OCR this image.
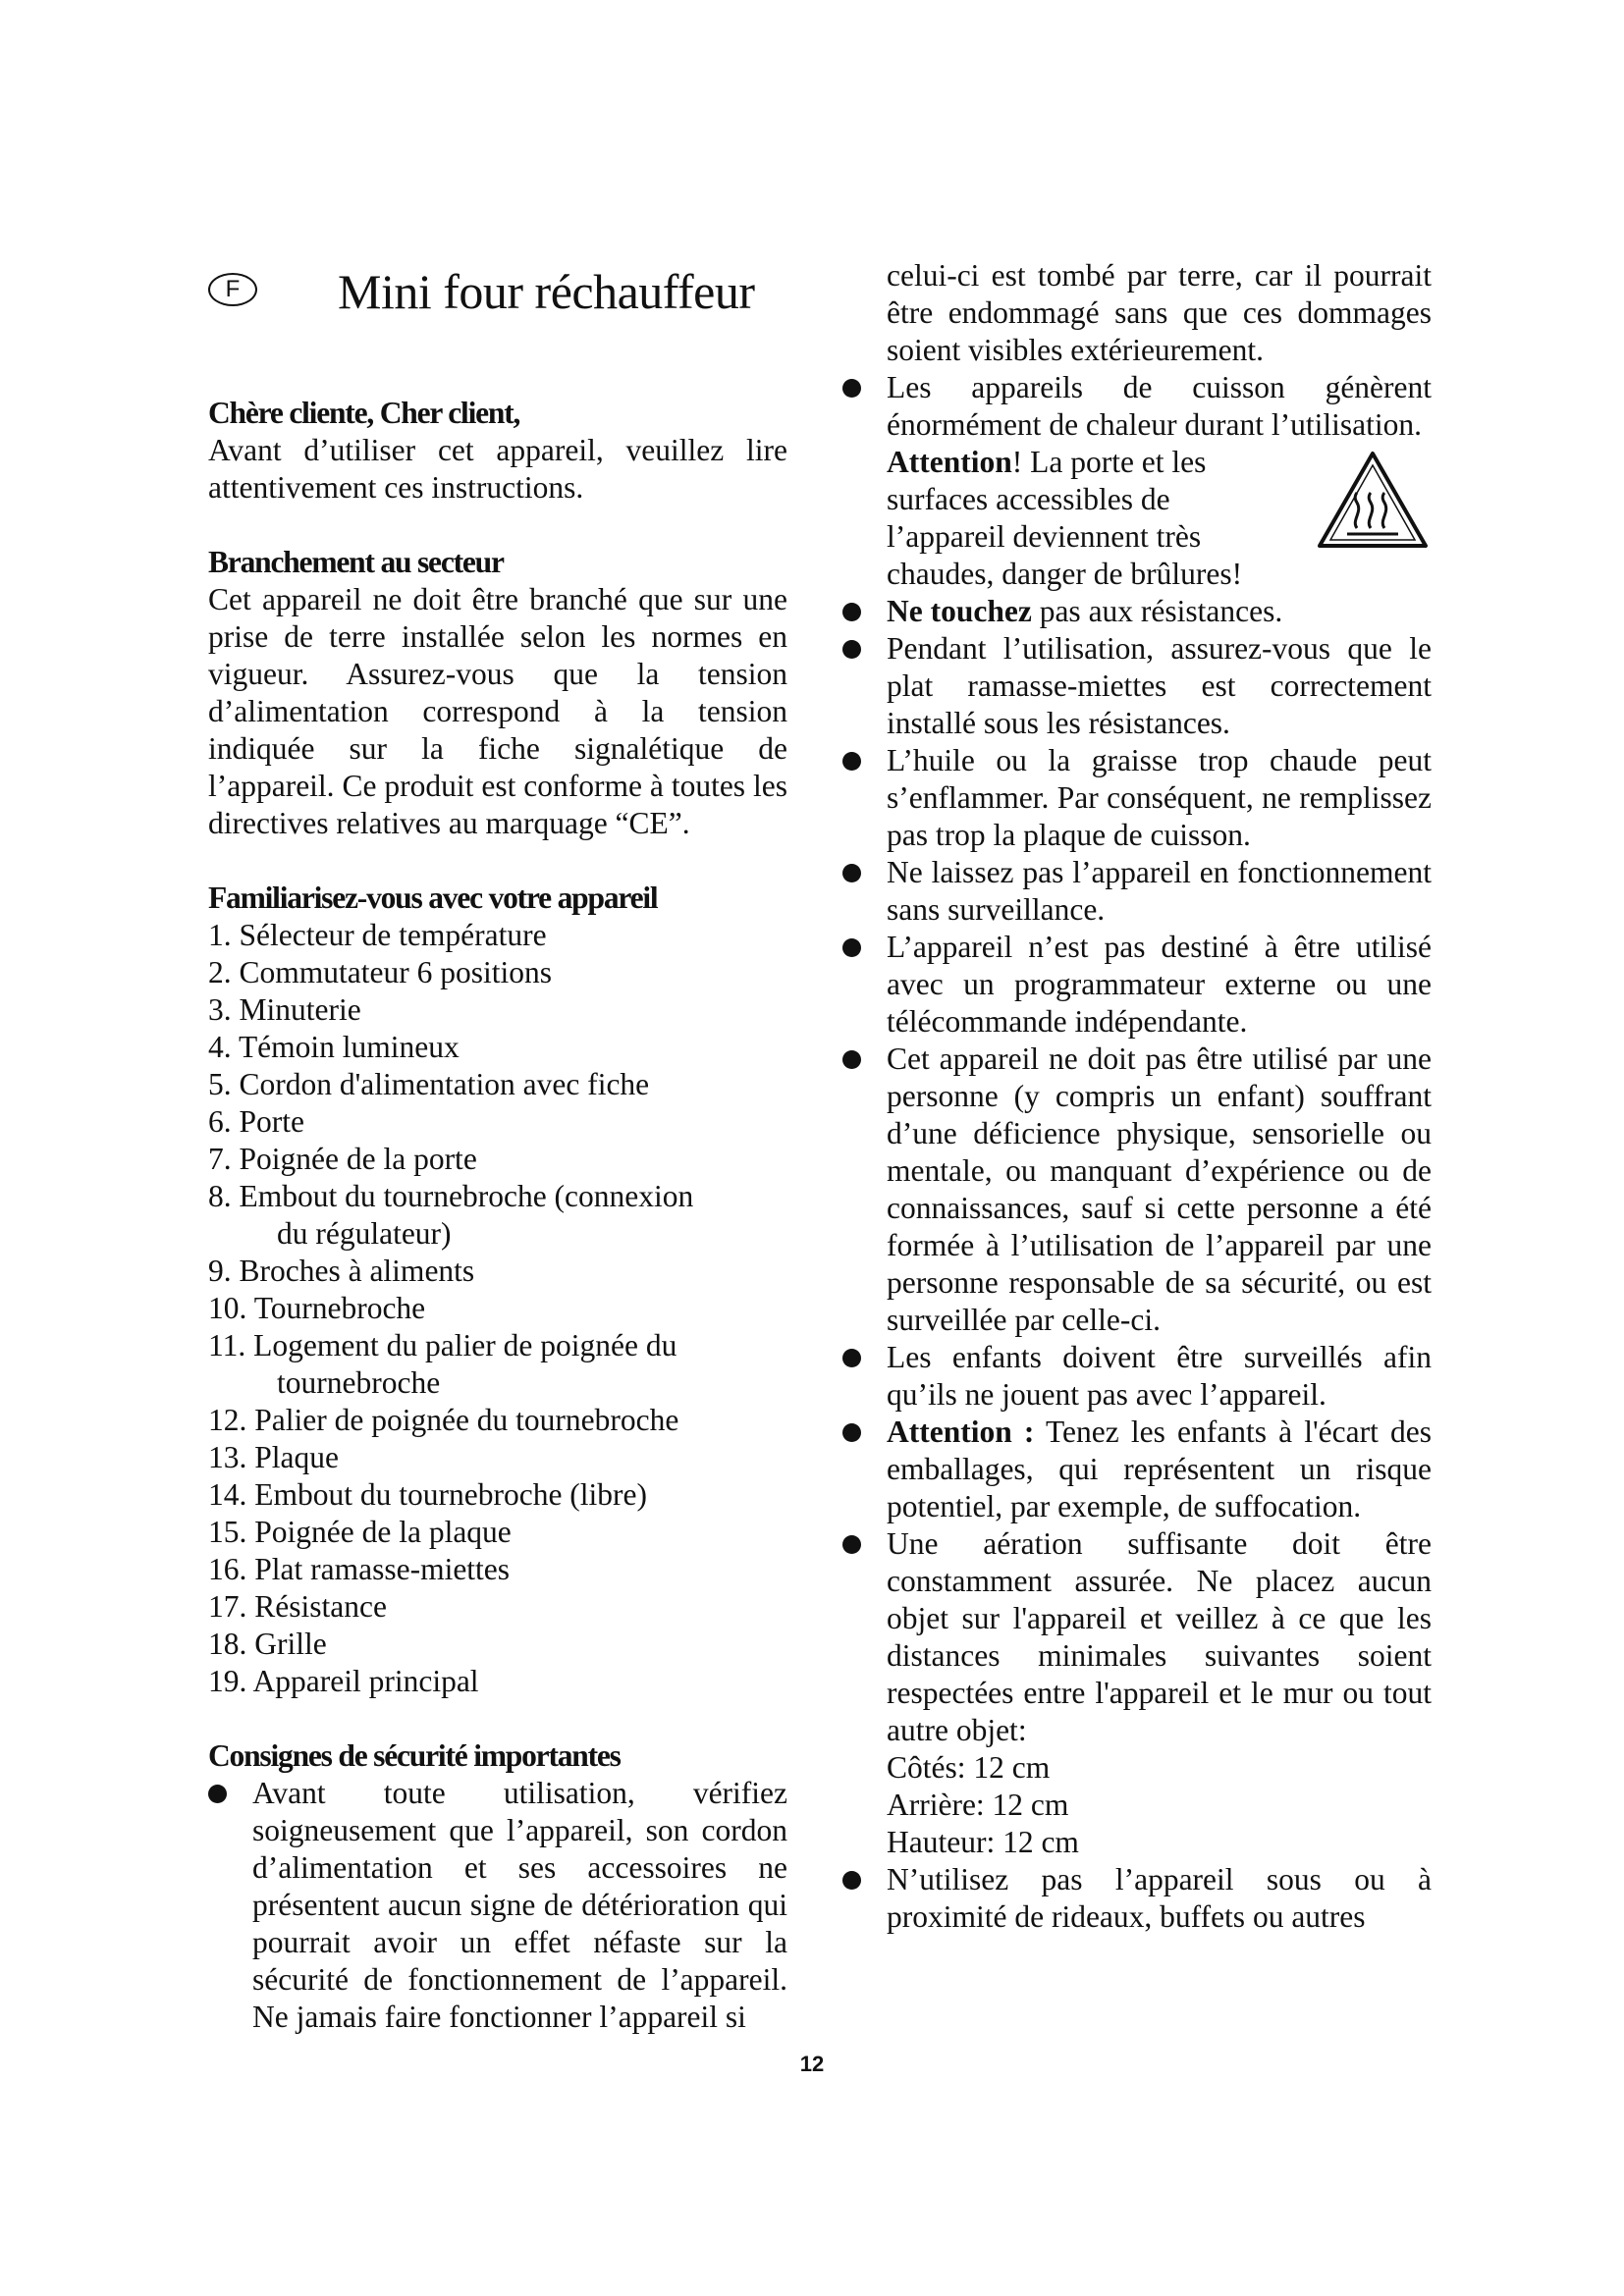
F	Mini four réchauffeur
Chère cliente, Cher client,

Avant d’utiliser cet appareil, veuillez lire attentivement ces instructions.

Branchement au secteur

Cet appareil ne doit être branché que sur une prise de terre installée selon les normes en vigueur. Assurez-vous que la tension d’alimentation correspond à la tension indiquée sur la fiche signalétique de l’appareil. Ce produit est conforme à toutes les directives relatives au marquage “CE”.

Familiarisez-vous avec votre appareil
1. Sélecteur de température
2. Commutateur 6 positions
3. Minuterie
4. Témoin lumineux
5. Cordon d'alimentation avec fiche
6. Porte
7. Poignée de la porte
8. Embout du tournebroche (connexion
du régulateur)
9. Broches à aliments
10. Tournebroche
11. Logement du palier de poignée du
tournebroche
12. Palier de poignée du tournebroche
13. Plaque
14. Embout du tournebroche (libre)
15. Poignée de la plaque
16. Plat ramasse-miettes
17. Résistance
18. Grille
19. Appareil principal
Consignes de sécurité importantes
Avant toute utilisation, vérifiez soigneusement que l’appareil, son cordon d’alimentation et ses accessoires ne présentent aucun signe de détérioration qui pourrait avoir un effet néfaste sur la sécurité de fonctionnement de l’appareil. Ne jamais faire fonctionner l’appareil si

celui-ci est tombé par terre, car il pourrait être endommagé sans que ces dommages soient visibles extérieurement.

Les appareils de cuisson génèrent énormément de chaleur durant l’utilisation.
Attention! La porte et les surfaces accessibles de l’appareil deviennent très chaudes, danger de brûlures!
Ne touchez pas aux résistances.
Pendant l’utilisation, assurez-vous que le plat ramasse-miettes est correctement installé sous les résistances.
L’huile ou la graisse trop chaude peut s’enflammer. Par conséquent, ne remplissez pas trop la plaque de cuisson.
Ne laissez pas l’appareil en fonctionnement sans surveillance.
L’appareil n’est pas destiné à être utilisé avec un programmateur externe ou une télécommande indépendante.
Cet appareil ne doit pas être utilisé par une personne (y compris un enfant) souffrant d’une déficience physique, sensorielle ou mentale, ou manquant d’expérience ou de connaissances, sauf si cette personne a été formée à l’utilisation de l’appareil par une personne responsable de sa sécurité, ou est surveillée par celle-ci.
Les enfants doivent être surveillés afin qu’ils ne jouent pas avec l’appareil.
Attention : Tenez les enfants à l'écart des emballages, qui représentent un risque potentiel, par exemple, de suffocation.
Une aération suffisante doit être constamment assurée. Ne placez aucun objet sur l'appareil et veillez à ce que les distances minimales suivantes soient respectées entre l'appareil et le mur ou tout autre objet:
Côtés: 12 cm
Arrière: 12 cm
Hauteur: 12 cm
N’utilisez pas l’appareil sous ou à proximité de rideaux, buffets ou autres
12
